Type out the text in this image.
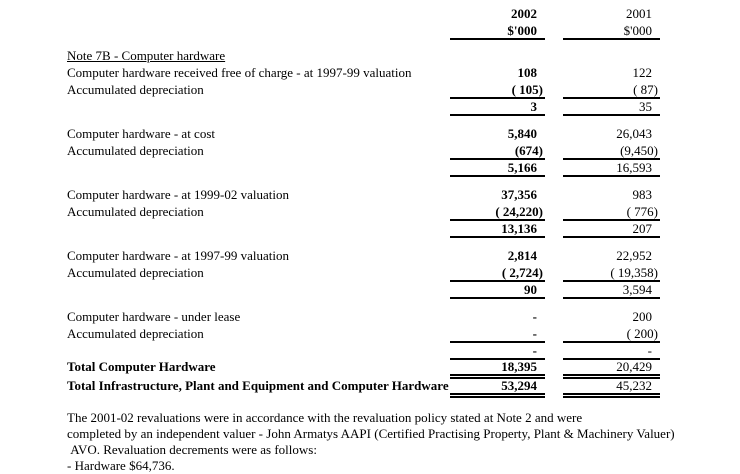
2002	2001
$'000	$'000
Note 7B - Computer hardware
Computer hardware received free of charge - at 1997-99 valuation	108	122
Accumulated depreciation	( 105)	( 87)
3	35
Computer hardware - at cost	5,840	26,043
Accumulated depreciation	(674)	(9,450)
5,166	16,593
Computer hardware - at 1999-02 valuation	37,356	983
Accumulated depreciation	( 24,220)	( 776)
13,136	207
Computer hardware - at 1997-99 valuation	2,814	22,952
Accumulated depreciation	( 2,724)	( 19,358)
90	3,594
Computer hardware - under lease	-	200
Accumulated depreciation	-	( 200)
-	-
Total Computer Hardware	18,395	20,429
Total Infrastructure, Plant and Equipment and Computer Hardware	53,294	45,232
The 2001-02 revaluations were in accordance with the revaluation policy stated at Note 2 and were
completed by an independent valuer - John Armatys AAPI (Certified Practising Property, Plant & Machinery Valuer)
AVO. Revaluation decrements were as follows:
- Hardware $64,736.
